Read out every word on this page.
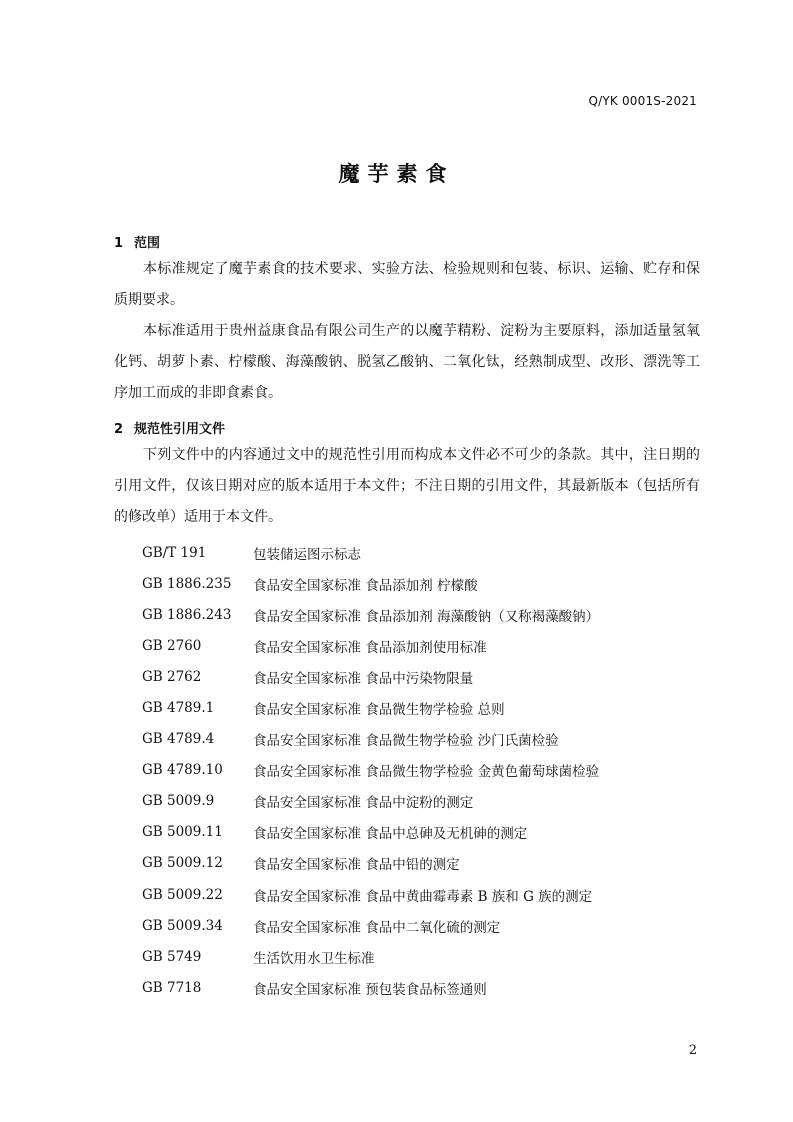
Q/YK 0001S-2021
魔芋素食
1 范围
本标准规定了魔芋素食的技术要求、实验方法、检验规则和包装、标识、运输、贮存和保质期要求。
本标准适用于贵州益康食品有限公司生产的以魔芋精粉、淀粉为主要原料，添加适量氢氧化钙、胡萝卜素、柠檬酸、海藻酸钠、脱氢乙酸钠、二氧化钛，经熟制成型、改形、漂洗等工序加工而成的非即食素食。
2 规范性引用文件
下列文件中的内容通过文中的规范性引用而构成本文件必不可少的条款。其中，注日期的引用文件，仅该日期对应的版本适用于本文件；不注日期的引用文件，其最新版本（包括所有的修改单）适用于本文件。
GB/T 191	包装储运图示标志
GB 1886.235	食品安全国家标准 食品添加剂 柠檬酸
GB 1886.243	食品安全国家标准 食品添加剂 海藻酸钠（又称褐藻酸钠）
GB 2760	食品安全国家标准 食品添加剂使用标准
GB 2762	食品安全国家标准 食品中污染物限量
GB 4789.1	食品安全国家标准 食品微生物学检验 总则
GB 4789.4	食品安全国家标准 食品微生物学检验 沙门氏菌检验
GB 4789.10	食品安全国家标准 食品微生物学检验 金黄色葡萄球菌检验
GB 5009.9	食品安全国家标准 食品中淀粉的测定
GB 5009.11	食品安全国家标准 食品中总砷及无机砷的测定
GB 5009.12	食品安全国家标准 食品中铅的测定
GB 5009.22	食品安全国家标准 食品中黄曲霉毒素 B 族和 G 族的测定
GB 5009.34	食品安全国家标准 食品中二氧化硫的测定
GB 5749	生活饮用水卫生标准
GB 7718	食品安全国家标准 预包装食品标签通则
2
